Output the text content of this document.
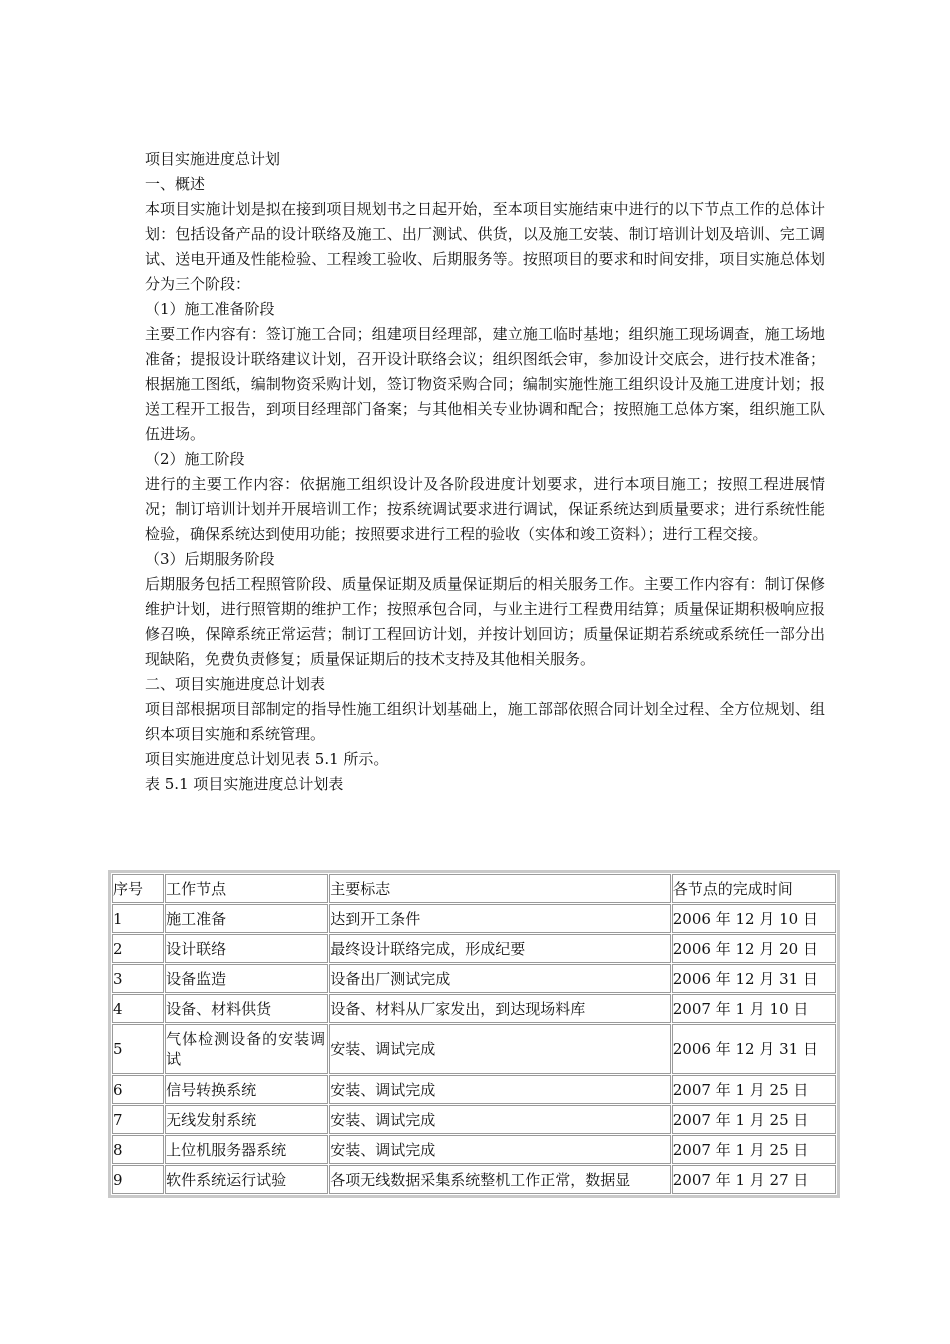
项目实施进度总计划
一、概述
本项目实施计划是拟在接到项目规划书之日起开始，至本项目实施结束中进行的以下节点工作的总体计划：包括设备产品的设计联络及施工、出厂测试、供货，以及施工安装、制订培训计划及培训、完工调试、送电开通及性能检验、工程竣工验收、后期服务等。按照项目的要求和时间安排，项目实施总体划分为三个阶段：
（1）施工准备阶段
主要工作内容有：签订施工合同；组建项目经理部，建立施工临时基地；组织施工现场调查，施工场地准备；提报设计联络建议计划，召开设计联络会议；组织图纸会审，参加设计交底会，进行技术准备；根据施工图纸，编制物资采购计划，签订物资采购合同；编制实施性施工组织设计及施工进度计划；报送工程开工报告，到项目经理部门备案；与其他相关专业协调和配合；按照施工总体方案，组织施工队伍进场。
（2）施工阶段
进行的主要工作内容：依据施工组织设计及各阶段进度计划要求，进行本项目施工；按照工程进展情况；制订培训计划并开展培训工作；按系统调试要求进行调试，保证系统达到质量要求；进行系统性能检验，确保系统达到使用功能；按照要求进行工程的验收（实体和竣工资料）；进行工程交接。
（3）后期服务阶段
后期服务包括工程照管阶段、质量保证期及质量保证期后的相关服务工作。主要工作内容有：制订保修维护计划，进行照管期的维护工作；按照承包合同，与业主进行工程费用结算；质量保证期积极响应报修召唤，保障系统正常运营；制订工程回访计划，并按计划回访；质量保证期若系统或系统任一部分出现缺陷，免费负责修复；质量保证期后的技术支持及其他相关服务。
二、项目实施进度总计划表
项目部根据项目部制定的指导性施工组织计划基础上，施工部部依照合同计划全过程、全方位规划、组织本项目实施和系统管理。
项目实施进度总计划见表 5.1 所示。
表 5.1 项目实施进度总计划表
序号	工作节点	主要标志	各节点的完成时间
1	施工准备	达到开工条件	2006 年 12 月 10 日
2	设计联络	最终设计联络完成，形成纪要	2006 年 12 月 20 日
3	设备监造	设备出厂测试完成	2006 年 12 月 31 日
4	设备、材料供货	设备、材料从厂家发出，到达现场料库	2007 年 1 月 10 日
5	气体检测设备的安装调试	安装、调试完成	2006 年 12 月 31 日
6	信号转换系统	安装、调试完成	2007 年 1 月 25 日
7	无线发射系统	安装、调试完成	2007 年 1 月 25 日
8	上位机服务器系统	安装、调试完成	2007 年 1 月 25 日
9	软件系统运行试验	各项无线数据采集系统整机工作正常，数据显	2007 年 1 月 27 日
